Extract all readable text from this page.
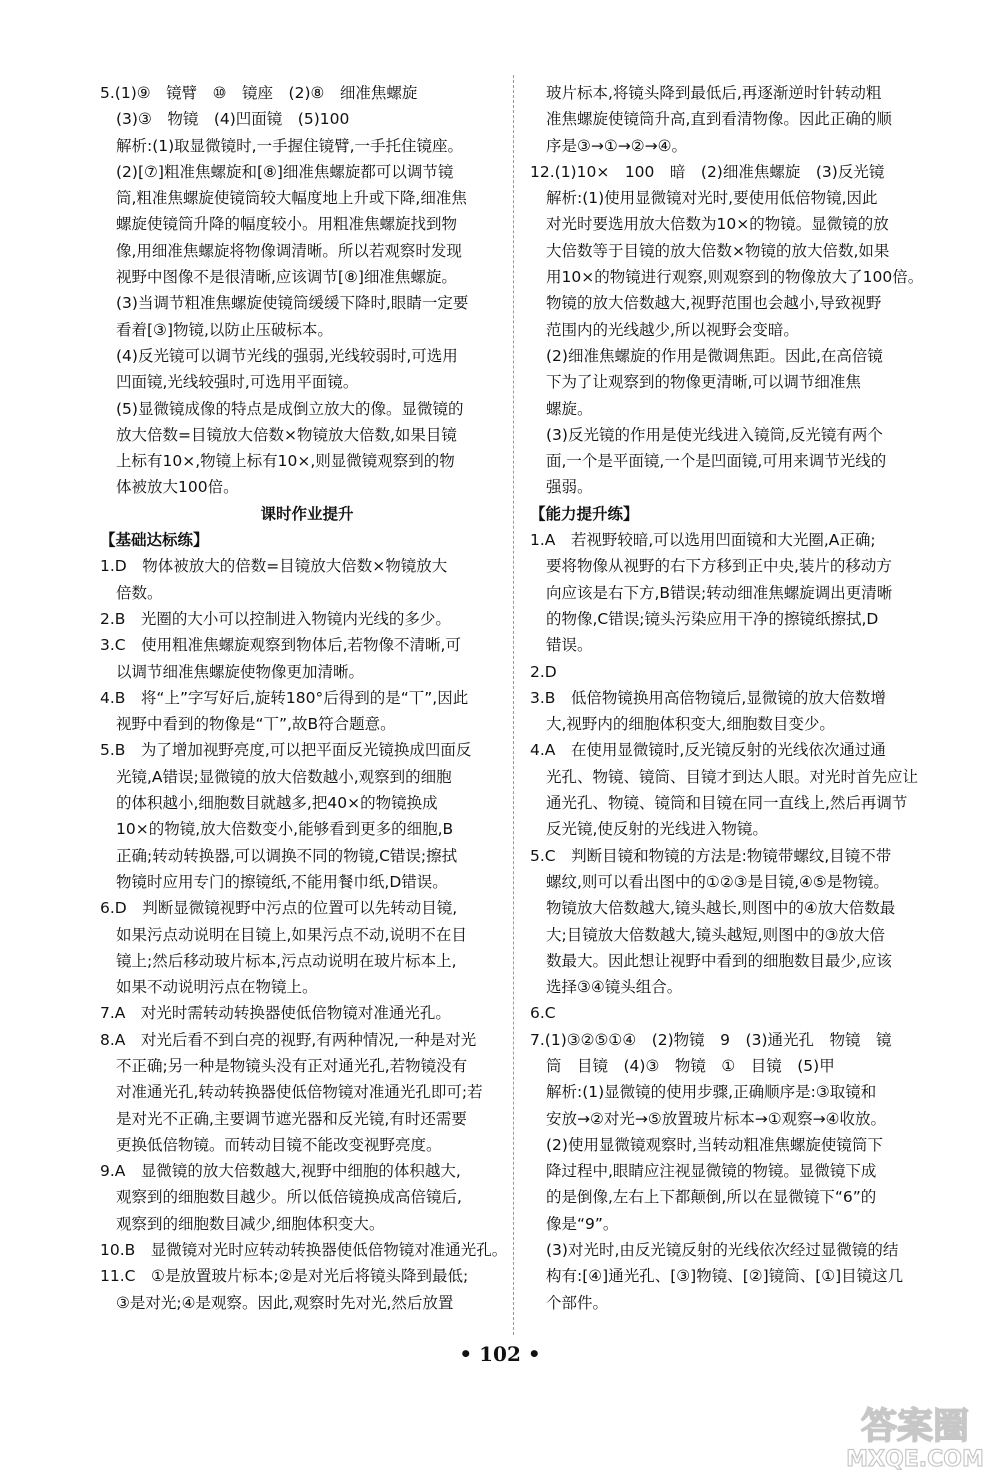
5.(1)⑨　镜臂　⑩　镜座　(2)⑧　细准焦螺旋
(3)③　物镜　(4)凹面镜　(5)100
解析:(1)取显微镜时,一手握住镜臂,一手托住镜座。
(2)[⑦]粗准焦螺旋和[⑧]细准焦螺旋都可以调节镜
筒,粗准焦螺旋使镜筒较大幅度地上升或下降,细准焦
螺旋使镜筒升降的幅度较小。用粗准焦螺旋找到物
像,用细准焦螺旋将物像调清晰。所以若观察时发现
视野中图像不是很清晰,应该调节[⑧]细准焦螺旋。
(3)当调节粗准焦螺旋使镜筒缓缓下降时,眼睛一定要
看着[③]物镜,以防止压破标本。
(4)反光镜可以调节光线的强弱,光线较弱时,可选用
凹面镜,光线较强时,可选用平面镜。
(5)显微镜成像的特点是成倒立放大的像。显微镜的
放大倍数=目镜放大倍数×物镜放大倍数,如果目镜
上标有10×,物镜上标有10×,则显微镜观察到的物
体被放大100倍。
课时作业提升
【基础达标练】
1.D　物体被放大的倍数=目镜放大倍数×物镜放大
倍数。
2.B　光圈的大小可以控制进入物镜内光线的多少。
3.C　使用粗准焦螺旋观察到物体后,若物像不清晰,可
以调节细准焦螺旋使物像更加清晰。
4.B　将“上”字写好后,旋转180°后得到的是“丅”,因此
视野中看到的物像是“丅”,故B符合题意。
5.B　为了增加视野亮度,可以把平面反光镜换成凹面反
光镜,A错误;显微镜的放大倍数越小,观察到的细胞
的体积越小,细胞数目就越多,把40×的物镜换成
10×的物镜,放大倍数变小,能够看到更多的细胞,B
正确;转动转换器,可以调换不同的物镜,C错误;擦拭
物镜时应用专门的擦镜纸,不能用餐巾纸,D错误。
6.D　判断显微镜视野中污点的位置可以先转动目镜,
如果污点动说明在目镜上,如果污点不动,说明不在目
镜上;然后移动玻片标本,污点动说明在玻片标本上,
如果不动说明污点在物镜上。
7.A　对光时需转动转换器使低倍物镜对准通光孔。
8.A　对光后看不到白亮的视野,有两种情况,一种是对光
不正确;另一种是物镜头没有正对通光孔,若物镜没有
对准通光孔,转动转换器使低倍物镜对准通光孔即可;若
是对光不正确,主要调节遮光器和反光镜,有时还需要
更换低倍物镜。而转动目镜不能改变视野亮度。
9.A　显微镜的放大倍数越大,视野中细胞的体积越大,
观察到的细胞数目越少。所以低倍镜换成高倍镜后,
观察到的细胞数目减少,细胞体积变大。
10.B　显微镜对光时应转动转换器使低倍物镜对准通光孔。
11.C　①是放置玻片标本;②是对光后将镜头降到最低;
③是对光;④是观察。因此,观察时先对光,然后放置
玻片标本,将镜头降到最低后,再逐渐逆时针转动粗
准焦螺旋使镜筒升高,直到看清物像。因此正确的顺
序是③→①→②→④。
12.(1)10×　100　暗　(2)细准焦螺旋　(3)反光镜
解析:(1)使用显微镜对光时,要使用低倍物镜,因此
对光时要选用放大倍数为10×的物镜。显微镜的放
大倍数等于目镜的放大倍数×物镜的放大倍数,如果
用10×的物镜进行观察,则观察到的物像放大了100倍。
物镜的放大倍数越大,视野范围也会越小,导致视野
范围内的光线越少,所以视野会变暗。
(2)细准焦螺旋的作用是微调焦距。因此,在高倍镜
下为了让观察到的物像更清晰,可以调节细准焦
螺旋。
(3)反光镜的作用是使光线进入镜筒,反光镜有两个
面,一个是平面镜,一个是凹面镜,可用来调节光线的
强弱。
【能力提升练】
1.A　若视野较暗,可以选用凹面镜和大光圈,A正确;
要将物像从视野的右下方移到正中央,装片的移动方
向应该是右下方,B错误;转动细准焦螺旋调出更清晰
的物像,C错误;镜头污染应用干净的擦镜纸擦拭,D
错误。
2.D
3.B　低倍物镜换用高倍物镜后,显微镜的放大倍数增
大,视野内的细胞体积变大,细胞数目变少。
4.A　在使用显微镜时,反光镜反射的光线依次通过通
光孔、物镜、镜筒、目镜才到达人眼。对光时首先应让
通光孔、物镜、镜筒和目镜在同一直线上,然后再调节
反光镜,使反射的光线进入物镜。
5.C　判断目镜和物镜的方法是:物镜带螺纹,目镜不带
螺纹,则可以看出图中的①②③是目镜,④⑤是物镜。
物镜放大倍数越大,镜头越长,则图中的④放大倍数最
大;目镜放大倍数越大,镜头越短,则图中的③放大倍
数最大。因此想让视野中看到的细胞数目最少,应该
选择③④镜头组合。
6.C
7.(1)③②⑤①④　(2)物镜　9　(3)通光孔　物镜　镜
筒　目镜　(4)③　物镜　①　目镜　(5)甲
解析:(1)显微镜的使用步骤,正确顺序是:③取镜和
安放→②对光→⑤放置玻片标本→①观察→④收放。
(2)使用显微镜观察时,当转动粗准焦螺旋使镜筒下
降过程中,眼睛应注视显微镜的物镜。显微镜下成
的是倒像,左右上下都颠倒,所以在显微镜下“6”的
像是“9”。
(3)对光时,由反光镜反射的光线依次经过显微镜的结
构有:[④]通光孔、[③]物镜、[②]镜筒、[①]目镜这几
个部件。
• 102 •
答案圈
MXQE.COM
